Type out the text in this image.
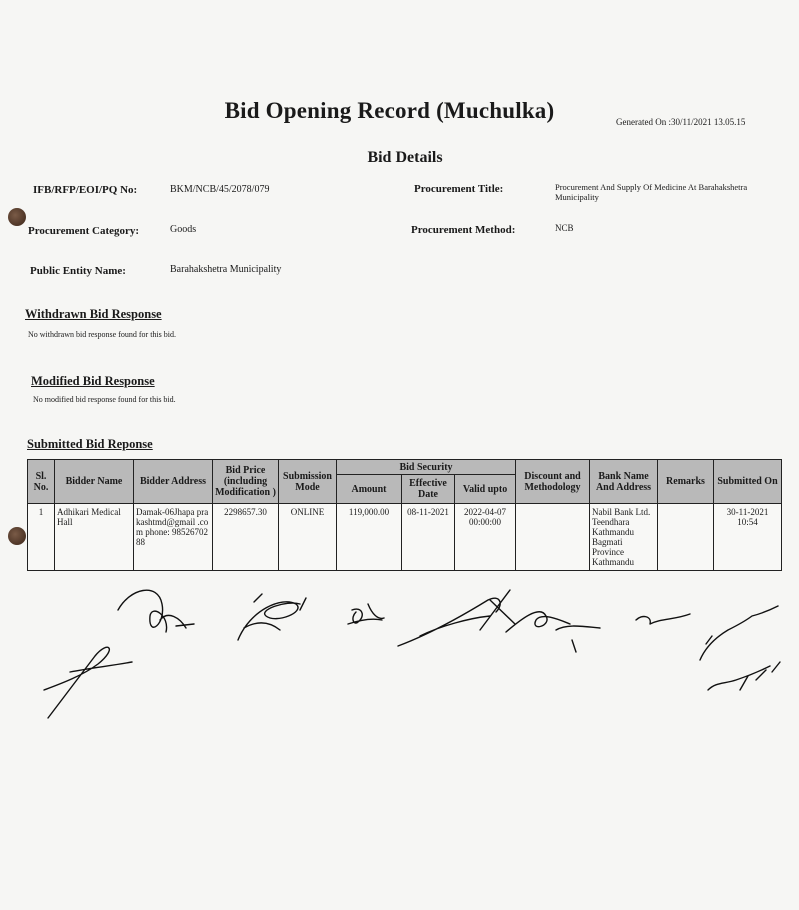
Bid Opening Record (Muchulka)	Generated On :30/11/2021 13.05.15
Bid Details
IFB/RFP/EOI/PQ No:	BKM/NCB/45/2078/079	Procurement Title:	Procurement And Supply Of Medicine At Barahakshetra Municipality
Procurement Category:	Goods	Procurement Method:	NCB
Public Entity Name:	Barahakshetra Municipality
Withdrawn Bid Response
No withdrawn bid response found for this bid.
Modified Bid Response
No modified bid response found for this bid.
Submitted Bid Reponse
Sl. No.	Bidder Name	Bidder Address	Bid Price (including Modification )	Submission Mode	Bid Security			Discount and Methodology	Bank Name And Address	Remarks	Submitted On
					Amount	Effective Date	Valid upto				
1	Adhikari Medical Hall	Damak-06Jhapa prakashtmd@gmail .com phone: 9852670288	2298657.30	ONLINE	119,000.00	08-11-2021	2022-04-07 00:00:00		Nabil Bank Ltd. Teendhara Kathmandu Bagmati Province Kathmandu		30-11-2021 10:54
